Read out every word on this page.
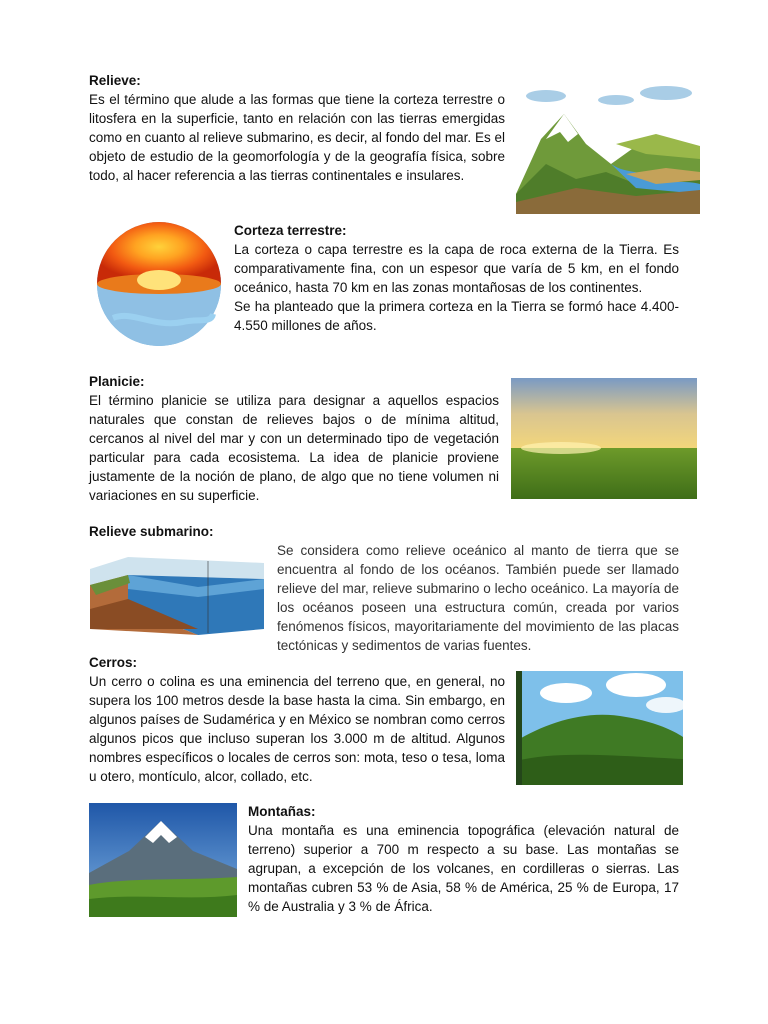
Relieve:

Es el término que alude a las formas que tiene la corteza terrestre o litosfera en la superficie, tanto en relación con las tierras emergidas como en cuanto al relieve submarino, es decir, al fondo del mar. Es el objeto de estudio de la geomorfología y de la geografía física, sobre todo, al hacer referencia a las tierras continentales e insulares.

Corteza terrestre:

La corteza o capa terrestre es la capa de roca externa de la Tierra. Es comparativamente fina, con un espesor que varía de 5 km, en el fondo oceánico, hasta 70 km en las zonas montañosas de los continentes.

Se ha planteado que la primera corteza en la Tierra se formó hace 4.400-4.550 millones de años.

Planicie:

El término planicie se utiliza para designar a aquellos espacios naturales que constan de relieves bajos o de mínima altitud, cercanos al nivel del mar y con un determinado tipo de vegetación particular para cada ecosistema. La idea de planicie proviene justamente de la noción de plano, de algo que no tiene volumen ni variaciones en su superficie.

Relieve submarino:

Se considera como relieve oceánico al manto de tierra que se encuentra al fondo de los océanos. También puede ser llamado relieve del mar, relieve submarino o lecho oceánico. La mayoría de los océanos poseen una estructura común, creada por varios fenómenos físicos, mayoritariamente del movimiento de las placas tectónicas y sedimentos de varias fuentes.

Cerros:

Un cerro o colina es una eminencia del terreno que, en general, no supera los 100 metros desde la base hasta la cima. Sin embargo, en algunos países de Sudamérica y en México se nombran como cerros algunos picos que incluso superan los 3.000 m de altitud. Algunos nombres específicos o locales de cerros son: mota, teso o tesa, loma u otero, montículo, alcor, collado, etc.

Montañas:

Una montaña es una eminencia topográfica (elevación natural de terreno) superior a 700 m respecto a su base. Las montañas se agrupan, a excepción de los volcanes, en cordilleras o sierras. Las montañas cubren 53 % de Asia, 58 % de América, 25 % de Europa, 17 % de Australia y 3 % de África.
